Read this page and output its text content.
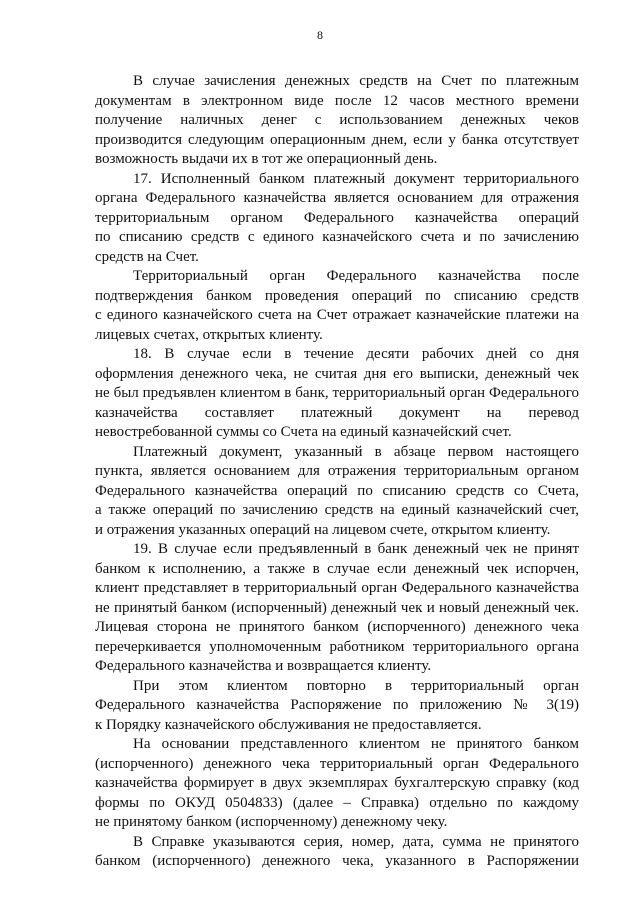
8
В случае зачисления денежных средств на Счет по платежным
документам в электронном виде после 12 часов местного времени
получение наличных денег с использованием денежных чеков
производится следующим операционным днем, если у банка отсутствует
возможность выдачи их в тот же операционный день.
17. Исполненный банком платежный документ территориального
органа Федерального казначейства является основанием для отражения
территориальным органом Федерального казначейства операций
по списанию средств с единого казначейского счета и по зачислению
средств на Счет.
Территориальный орган Федерального казначейства после
подтверждения банком проведения операций по списанию средств
с единого казначейского счета на Счет отражает казначейские платежи на
лицевых счетах, открытых клиенту.
18. В случае если в течение десяти рабочих дней со дня
оформления денежного чека, не считая дня его выписки, денежный чек
не был предъявлен клиентом в банк, территориальный орган Федерального
казначейства составляет платежный документ на перевод
невостребованной суммы со Счета на единый казначейский счет.
Платежный документ, указанный в абзаце первом настоящего
пункта, является основанием для отражения территориальным органом
Федерального казначейства операций по списанию средств со Счета,
а также операций по зачислению средств на единый казначейский счет,
и отражения указанных операций на лицевом счете, открытом клиенту.
19. В случае если предъявленный в банк денежный чек не принят
банком к исполнению, а также в случае если денежный чек испорчен,
клиент представляет в территориальный орган Федерального казначейства
не принятый банком (испорченный) денежный чек и новый денежный чек.
Лицевая сторона не принятого банком (испорченного) денежного чека
перечеркивается уполномоченным работником территориального органа
Федерального казначейства и возвращается клиенту.
При этом клиентом повторно в территориальный орган
Федерального казначейства Распоряжение по приложению № 3(19)
к Порядку казначейского обслуживания не предоставляется.
На основании представленного клиентом не принятого банком
(испорченного) денежного чека территориальный орган Федерального
казначейства формирует в двух экземплярах бухгалтерскую справку (код
формы по ОКУД 0504833) (далее – Справка) отдельно по каждому
не принятому банком (испорченному) денежному чеку.
В Справке указываются серия, номер, дата, сумма не принятого
банком (испорченного) денежного чека, указанного в Распоряжении
